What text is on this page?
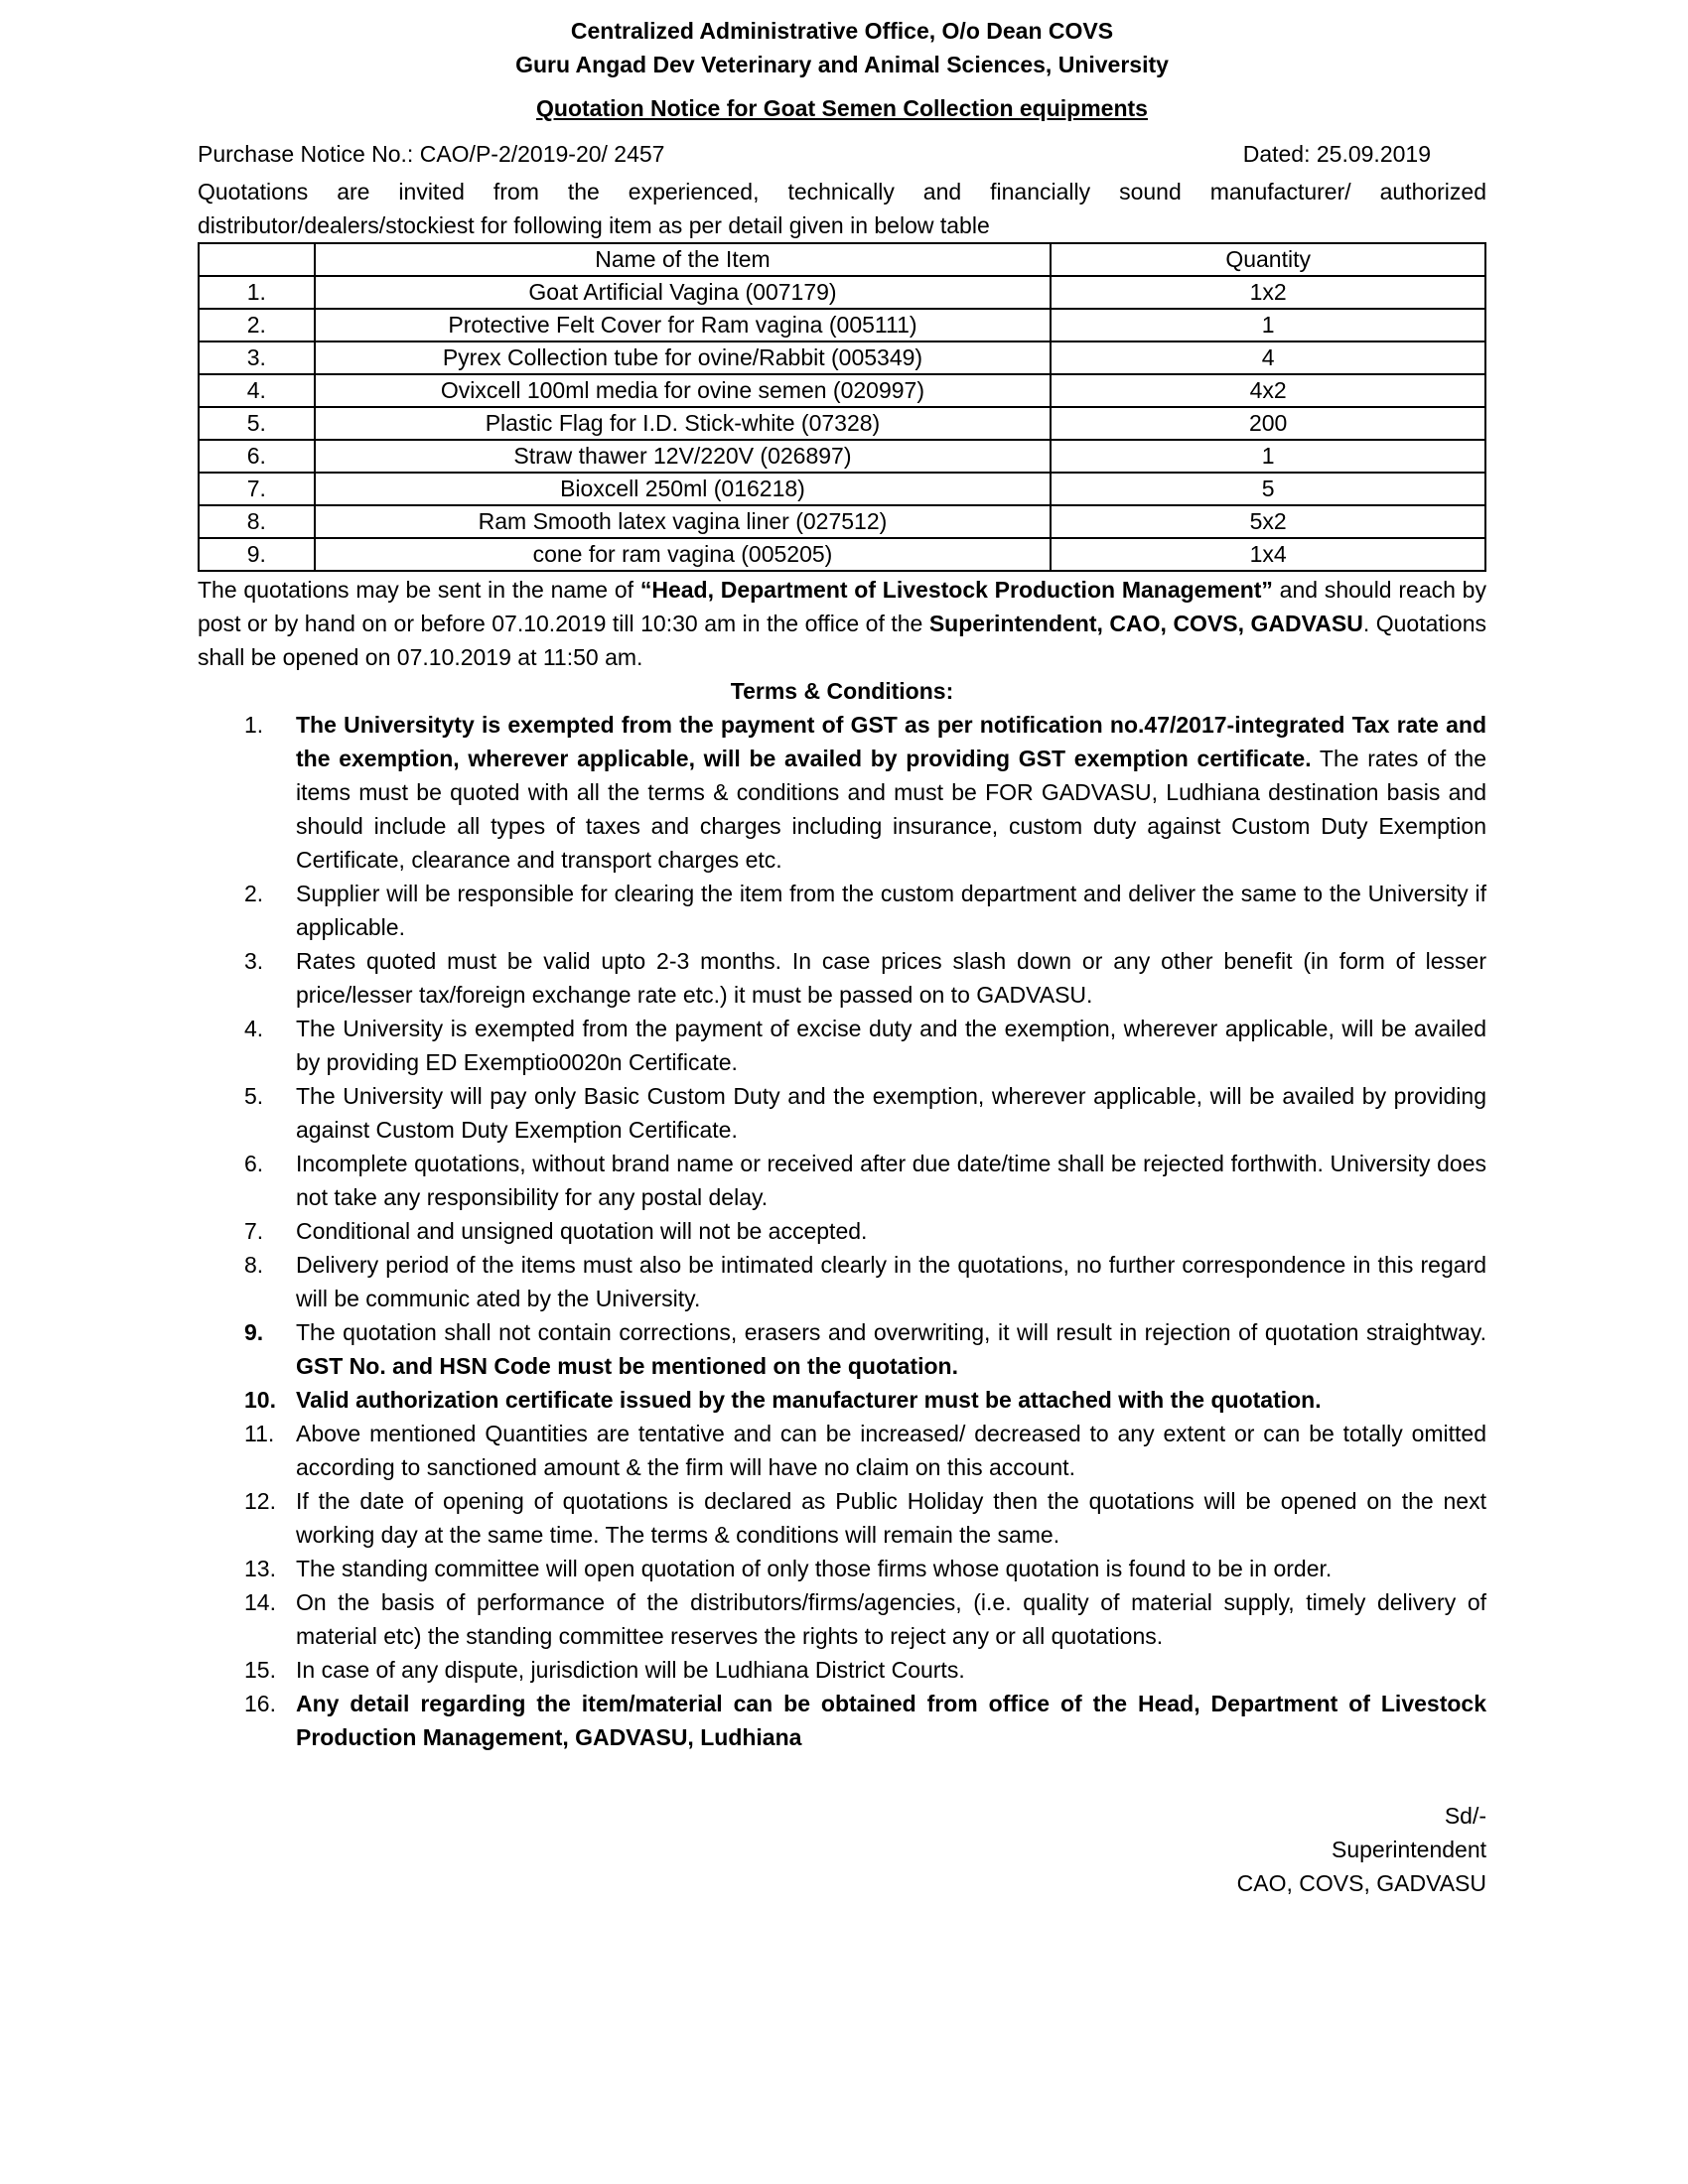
Centralized Administrative Office, O/o Dean COVS
Guru Angad Dev Veterinary and Animal Sciences, University
Quotation Notice for Goat Semen Collection equipments
Purchase Notice No.: CAO/P-2/2019-20/ 2457	Dated: 25.09.2019
Quotations are invited from the experienced, technically and financially sound manufacturer/ authorized distributor/dealers/stockiest for following item as per detail given in below table
	Name of the Item	Quantity
1.	Goat Artificial Vagina (007179)	1x2
2.	Protective Felt Cover for Ram vagina (005111)	1
3.	Pyrex Collection tube for ovine/Rabbit (005349)	4
4.	Ovixcell 100ml media for ovine semen (020997)	4x2
5.	Plastic Flag for I.D. Stick-white (07328)	200
6.	Straw thawer 12V/220V (026897)	1
7.	Bioxcell 250ml (016218)	5
8.	Ram Smooth latex vagina liner (027512)	5x2
9.	cone for ram vagina (005205)	1x4
The quotations may be sent in the name of “Head, Department of Livestock Production Management” and should reach by post or by hand on or before 07.10.2019 till 10:30 am in the office of the Superintendent, CAO, COVS, GADVASU. Quotations shall be opened on 07.10.2019 at 11:50 am.
Terms & Conditions:
1. The Universityty is exempted from the payment of GST as per notification no.47/2017-integrated Tax rate and the exemption, wherever applicable, will be availed by providing GST exemption certificate. The rates of the items must be quoted with all the terms & conditions and must be FOR GADVASU, Ludhiana destination basis and should include all types of taxes and charges including insurance, custom duty against Custom Duty Exemption Certificate, clearance and transport charges etc.
2. Supplier will be responsible for clearing the item from the custom department and deliver the same to the University if applicable.
3. Rates quoted must be valid upto 2-3 months. In case prices slash down or any other benefit (in form of lesser price/lesser tax/foreign exchange rate etc.) it must be passed on to GADVASU.
4. The University is exempted from the payment of excise duty and the exemption, wherever applicable, will be availed by providing ED Exemptio0020n Certificate.
5. The University will pay only Basic Custom Duty and the exemption, wherever applicable, will be availed by providing against Custom Duty Exemption Certificate.
6. Incomplete quotations, without brand name or received after due date/time shall be rejected forthwith. University does not take any responsibility for any postal delay.
7. Conditional and unsigned quotation will not be accepted.
8. Delivery period of the items must also be intimated clearly in the quotations, no further correspondence in this regard will be communic ated by the University.
9. The quotation shall not contain corrections, erasers and overwriting, it will result in rejection of quotation straightway. GST No. and HSN Code must be mentioned on the quotation.
10. Valid authorization certificate issued by the manufacturer must be attached with the quotation.
11. Above mentioned Quantities are tentative and can be increased/ decreased to any extent or can be totally omitted according to sanctioned amount & the firm will have no claim on this account.
12. If the date of opening of quotations is declared as Public Holiday then the quotations will be opened on the next working day at the same time. The terms & conditions will remain the same.
13. The standing committee will open quotation of only those firms whose quotation is found to be in order.
14. On the basis of performance of the distributors/firms/agencies, (i.e. quality of material supply, timely delivery of material etc) the standing committee reserves the rights to reject any or all quotations.
15. In case of any dispute, jurisdiction will be Ludhiana District Courts.
16. Any detail regarding the item/material can be obtained from office of the Head, Department of Livestock Production Management, GADVASU, Ludhiana
Sd/-
Superintendent
CAO, COVS, GADVASU
